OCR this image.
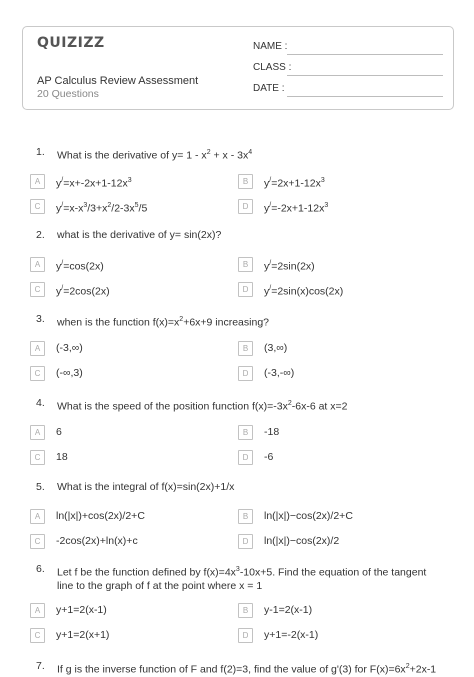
QUIZIZZ
AP Calculus Review Assessment
20 Questions
NAME :
CLASS :
DATE :
1. What is the derivative of $y= 1 - x^2 + x - 3x^4$
A	$y^/=x+-2x+1-12x^3$	B	$y^/=2x+1-12x^3$
C	$y^/=x-x^3/3+x^2/2-3x^5/5$	D	$y^/=-2x+1-12x^3$
2. what is the derivative of y= sin(2x)?
A	y/=cos(2x)	B	y/=2sin(2x)
C	y/=2cos(2x)	D	y/=2sin(x)cos(2x)
3. when is the function $f(x)=x^2+6x+9$ increasing?
A	(-3,∞)	B	(3,∞)
C	(-∞,3)	D	(-3,-∞)
4. What is the speed of the position function $f(x)=-3x^2-6x-6$ at x=2
A	6	B	-18
C	18	D	-6
5. What is the integral of f(x)=sin(2x)+1/x
A	ln(|x|)+cos(2x)/2+C	B	ln(|x|)−cos(2x)/2+C
C	-2cos(2x)+ln(x)+c	D	ln(|x|)−cos(2x)/2
6. Let f be the function defined by $f(x)=4x^3-10x+5$. Find the equation of the tangent line to the graph of f at the point where x = 1
A	y+1=2(x-1)	B	y-1=2(x-1)
C	y+1=2(x+1)	D	y+1=-2(x-1)
7. If g is the inverse function of F and f(2)=3, find the value of g'(3) for $F(x)=6x^2+2x-1$
